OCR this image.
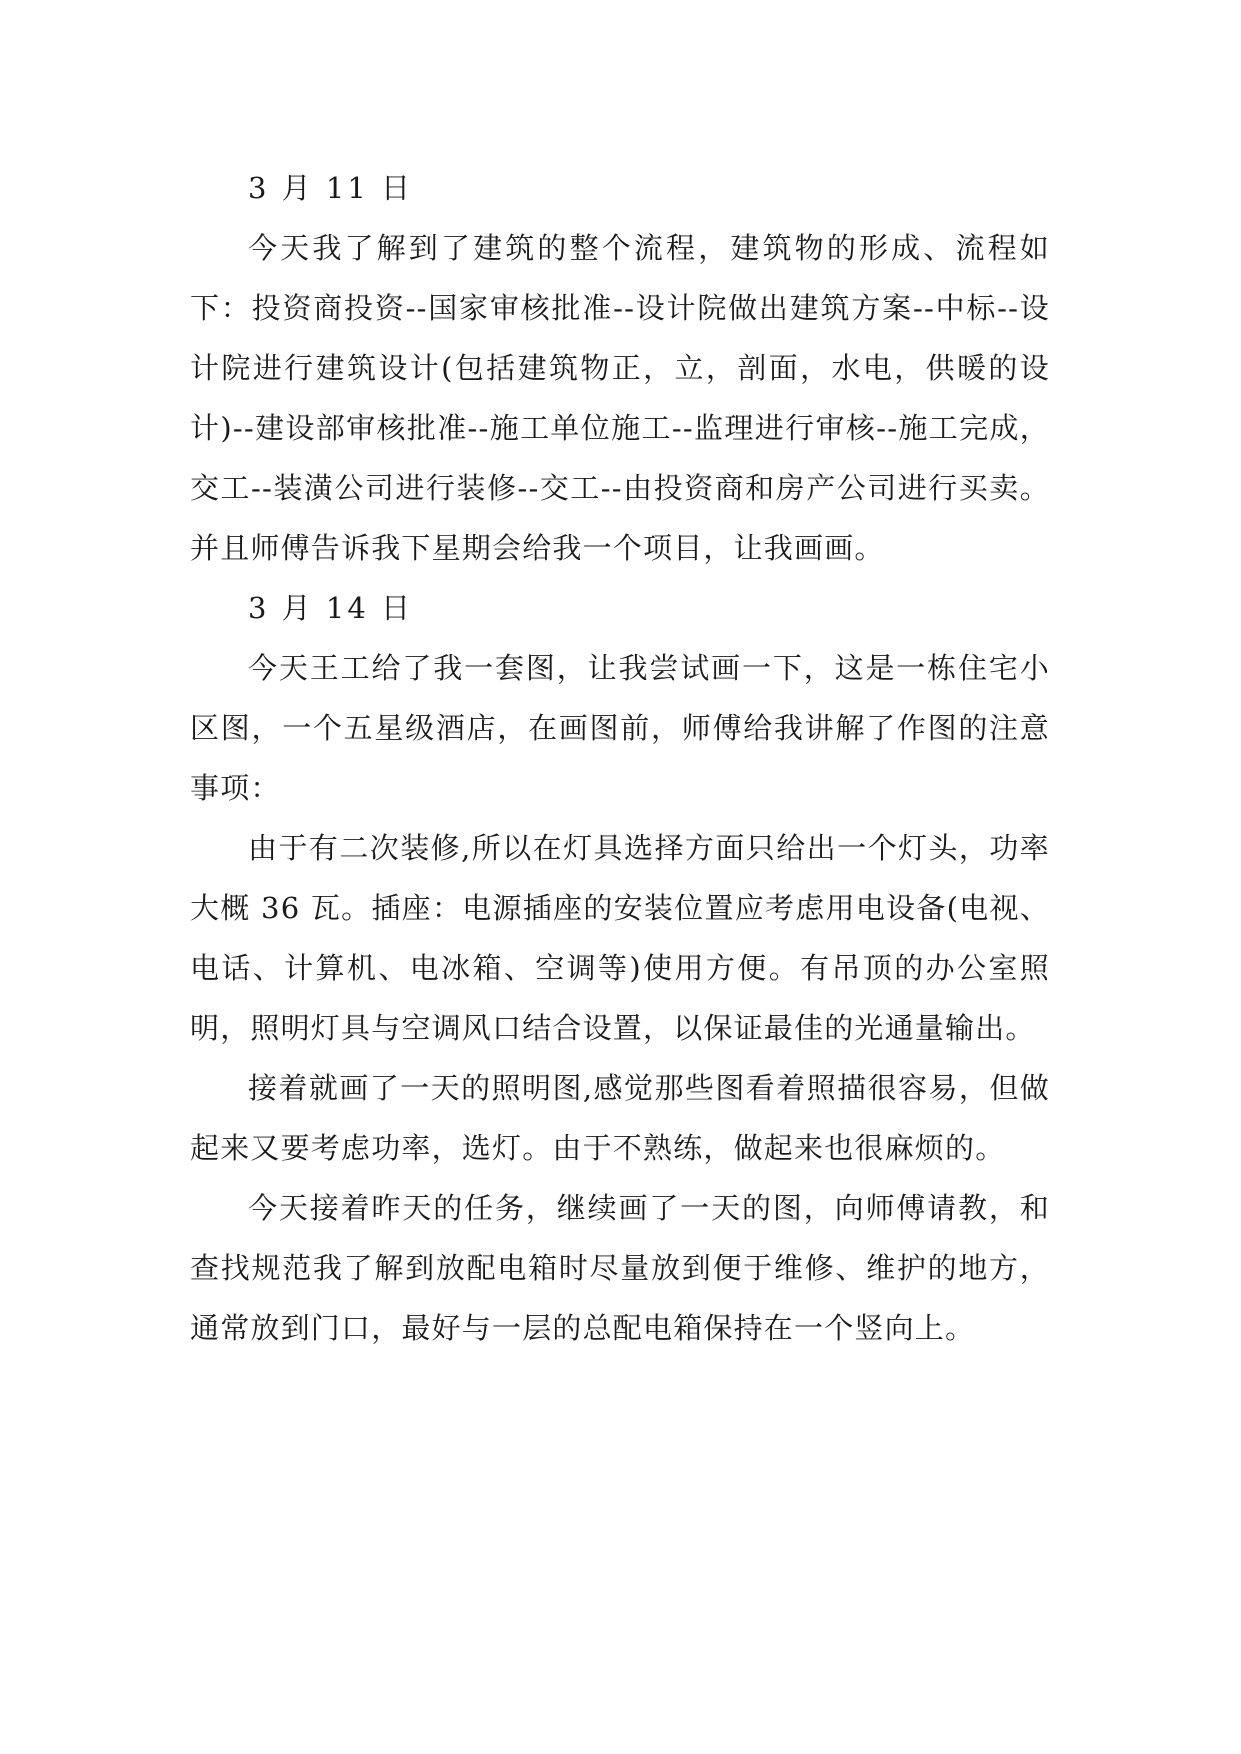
3 月 11 日

今天我了解到了建筑的整个流程，建筑物的形成、流程如下：投资商投资--国家审核批准--设计院做出建筑方案--中标--设计院进行建筑设计(包括建筑物正，立，剖面，水电，供暖的设计)--建设部审核批准--施工单位施工--监理进行审核--施工完成，交工--装潢公司进行装修--交工--由投资商和房产公司进行买卖。并且师傅告诉我下星期会给我一个项目，让我画画。

3 月 14 日

今天王工给了我一套图，让我尝试画一下，这是一栋住宅小区图，一个五星级酒店，在画图前，师傅给我讲解了作图的注意事项：

由于有二次装修,所以在灯具选择方面只给出一个灯头，功率大概 36 瓦。插座：电源插座的安装位置应考虑用电设备(电视、电话、计算机、电冰箱、空调等)使用方便。有吊顶的办公室照明，照明灯具与空调风口结合设置，以保证最佳的光通量输出。

接着就画了一天的照明图,感觉那些图看着照描很容易，但做起来又要考虑功率，选灯。由于不熟练，做起来也很麻烦的。

今天接着昨天的任务，继续画了一天的图，向师傅请教，和查找规范我了解到放配电箱时尽量放到便于维修、维护的地方，通常放到门口，最好与一层的总配电箱保持在一个竖向上。
